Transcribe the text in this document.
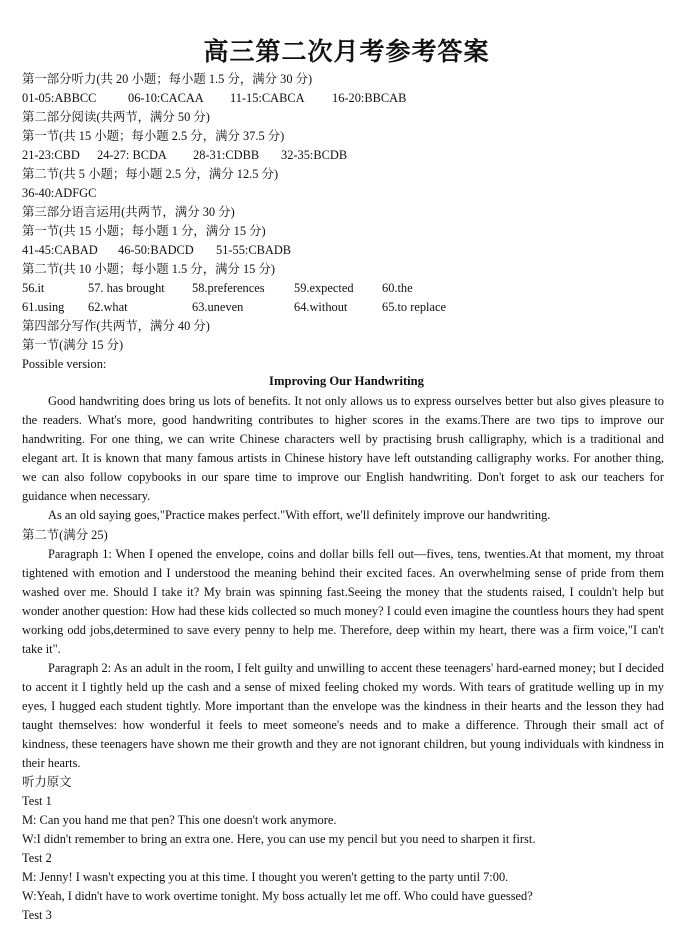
高三第二次月考参考答案
第一部分听力(共 20 小题；每小题 1.5 分，满分 30 分)
01-05:ABBCC	06-10:CACAA 11-15:CABCA 16-20:BBCAB
第二部分阅读(共两节，满分 50 分)
第一节(共 15 小题；每小题 2.5 分，满分 37.5 分)
21-23:CBD 24-27: BCDA 28-31:CDBB 32-35:BCDB
第二节(共 5 小题；每小题 2.5 分，满分 12.5 分)
36-40:ADFGC
第三部分语言运用(共两节，满分 30 分)
第一节(共 15 小题；每小题 1 分，满分 15 分)
41-45:CABAD 46-50:BADCD 51-55:CBADB
第二节(共 10 小题；每小题 1.5 分，满分 15 分)
56.it	57. has brought 58.preferences 59.expected 60.the
61.using 62.what	63.uneven	64.without	65.to replace
第四部分写作(共两节，满分 40 分)
第一节(满分 15 分)
Possible version:
Improving Our Handwriting
Good handwriting does bring us lots of benefits. It not only allows us to express ourselves better but also gives pleasure to the readers. What's more, good handwriting contributes to higher scores in the exams.There are two tips to improve our handwriting. For one thing, we can write Chinese characters well by practising brush calligraphy, which is a traditional and elegant art. It is known that many famous artists in Chinese history have left outstanding calligraphy works. For another thing, we can also follow copybooks in our spare time to improve our English handwriting. Don't forget to ask our teachers for guidance when necessary.
As an old saying goes,"Practice makes perfect."With effort, we'll definitely improve our handwriting.
第二节(满分 25)
Paragraph 1: When I opened the envelope, coins and dollar bills fell out—fives, tens, twenties.At that moment, my throat tightened with emotion and I understood the meaning behind their excited faces. An overwhelming sense of pride from them washed over me. Should I take it? My brain was spinning fast.Seeing the money that the students raised, I couldn't help but wonder another question: How had these kids collected so much money? I could even imagine the countless hours they had spent working odd jobs,determined to save every penny to help me. Therefore, deep within my heart, there was a firm voice,"I can't take it".
Paragraph 2: As an adult in the room, I felt guilty and unwilling to accent these teenagers' hard-earned money; but I decided to accent it I tightly held up the cash and a sense of mixed feeling choked my words. With tears of gratitude welling up in my eyes, I hugged each student tightly. More important than the envelope was the kindness in their hearts and the lesson they had taught themselves: how wonderful it feels to meet someone's needs and to make a difference. Through their small act of kindness, these teenagers have shown me their growth and they are not ignorant children, but young individuals with kindness in their hearts.
听力原文
Test 1
M: Can you hand me that pen? This one doesn't work anymore.
W:I didn't remember to bring an extra one. Here, you can use my pencil but you need to sharpen it first.
Test 2
M: Jenny! I wasn't expecting you at this time. I thought you weren't getting to the party until 7:00.
W:Yeah, I didn't have to work overtime tonight. My boss actually let me off. Who could have guessed?
Test 3
